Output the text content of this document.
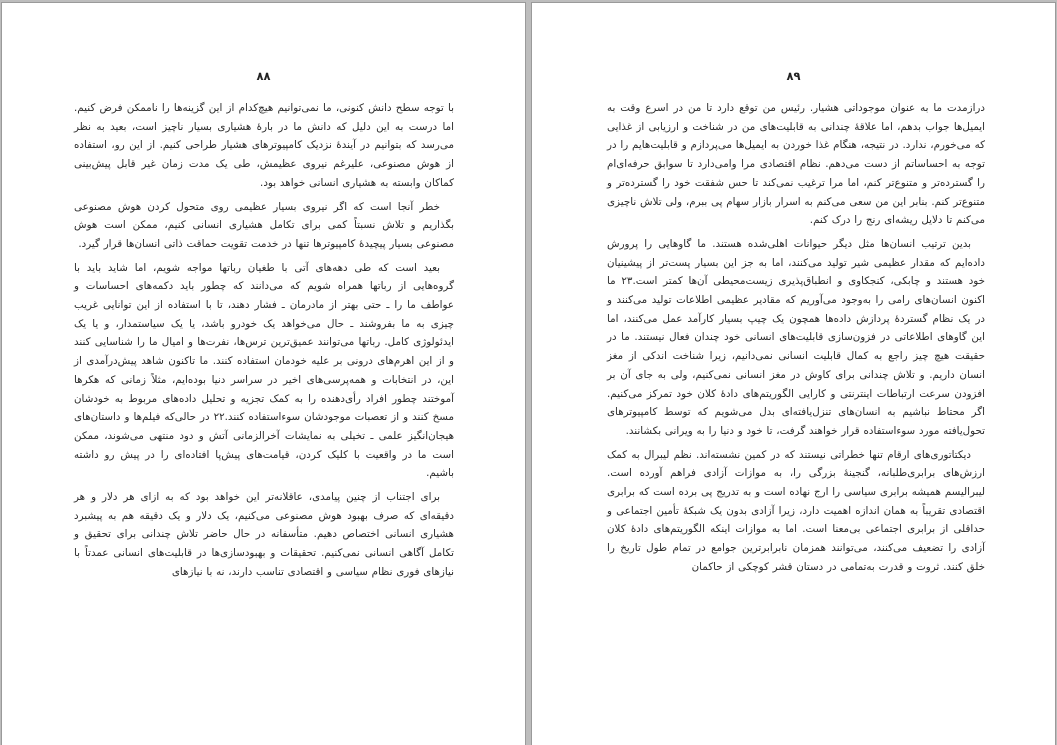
۸۸

با توجه سطح دانش کنونی، ما نمی‌توانیم هیچ‌کدام از این گزینه‌ها را ناممکن فرض کنیم. اما درست به این دلیل که دانش ما در بارهٔ هشیاری بسیار ناچیز است، بعید به نظر می‌رسد که بتوانیم در آیندهٔ نزدیک کامپیوترهای هشیار طراحی کنیم. از این رو، استفاده از هوش مصنوعی، علیرغم نیروی عظیمش، طی یک مدت زمان غیر قابل پیش‌بینی کماکان وابسته به هشیاری انسانی خواهد بود.

خطر آنجا است که اگر نیروی بسیار عظیمی روی متحول کردن هوش مصنوعی بگذاریم و تلاش نسبتاً کمی برای تکامل هشیاری انسانی کنیم، ممکن است هوش مصنوعی بسیار پیچیدهٔ کامپیوترها تنها در خدمت تقویت حماقت ذاتی انسان‌ها قرار گیرد.

بعید است که طی دهه‌های آتی با طغیان رباتها مواجه شویم، اما شاید باید با گروه‌هایی از رباتها همراه شویم که می‌دانند که چطور باید دکمه‌های احساسات و عواطف ما را ـ حتی بهتر از مادرمان ـ فشار دهند، تا با استفاده از این توانایی غریب چیزی به ما بفروشند ـ حال می‌خواهد یک خودرو باشد، یا یک سیاستمدار، و یا یک ایدئولوژی کامل. رباتها می‌توانند عمیق‌ترین ترس‌ها، نفرت‌ها و امیال ما را شناسایی کنند و از این اهرم‌های درونی بر علیه خودمان استفاده کنند. ما تاکنون شاهد پیش‌درآمدی از این، در انتخابات و همه‌پرسی‌های اخیر در سراسر دنیا بوده‌ایم، مثلاً زمانی که هکرها آموختند چطور افراد رأی‌دهنده را به کمک تجزیه و تحلیل داده‌های مربوط به خودشان مسخ کنند و از تعصبات موجودشان سوءاستفاده کنند.۲۲ در حالی‌که فیلم‌ها و داستان‌های هیجان‌انگیز علمی ـ تخیلی به نمایشات آخرالزمانی آتش و دود منتهی می‌شوند، ممکن است ما در واقعیت با کلیک کردن، قیامت‌های پیش‌پا افتاده‌ای را در پیش رو داشته باشیم.

برای اجتناب از چنین پیامدی، عاقلانه‌تر این خواهد بود که به ازای هر دلار و هر دقیقه‌ای که صرف بهبود هوش مصنوعی می‌کنیم، یک دلار و یک دقیقه هم به پیشبرد هشیاری انسانی اختصاص دهیم. متأسفانه در حال حاضر تلاش چندانی برای تحقیق و تکامل آگاهی انسانی نمی‌کنیم. تحقیقات و بهبودسازی‌ها در قابلیت‌های انسانی عمدتاً با نیازهای فوری نظام سیاسی و اقتصادی تناسب دارند، نه با نیازهای

۸۹

درازمدت ما به عنوان موجوداتی هشیار. رئیس من توقع دارد تا من در اسرع وقت به ایمیل‌ها جواب بدهم، اما علاقهٔ چندانی به قابلیت‌های من در شناخت و ارزیابی از غذایی که می‌خورم، ندارد. در نتیجه، هنگام غذا خوردن به ایمیل‌ها می‌پردازم و قابلیت‌هایم را در توجه به احساساتم از دست می‌دهم. نظام اقتصادی مرا وامی‌دارد تا سوابق حرفه‌ای‌ام را گسترده‌تر و متنوع‌تر کنم، اما مرا ترغیب نمی‌کند تا حس شفقت خود را گسترده‌تر و متنوع‌تر کنم. بنابر این من سعی می‌کنم به اسرار بازار سهام پی ببرم، ولی تلاش ناچیزی می‌کنم تا دلایل ریشه‌ای رنج را درک کنم.

بدین ترتیب انسان‌ها مثل دیگر حیوانات اهلی‌شده هستند. ما گاوهایی را پرورش داده‌ایم که مقدار عظیمی شیر تولید می‌کنند، اما به جز این بسیار پست‌تر از پیشینیان خود هستند و چابکی، کنجکاوی و انطباق‌پذیری زیست‌محیطی آن‌ها کمتر است.۲۳ ما اکنون انسان‌های رامی را به‌وجود می‌آوریم که مقادیر عظیمی اطلاعات تولید می‌کنند و در یک نظام گستردهٔ پردازش داده‌ها همچون یک چیپ بسیار کارآمد عمل می‌کنند، اما این گاوهای اطلاعاتی در فزون‌سازی قابلیت‌های انسانی خود چندان فعال نیستند. ما در حقیقت هیچ چیز راجع به کمال قابلیت انسانی نمی‌دانیم، زیرا شناخت اندکی از مغز انسان داریم. و تلاش چندانی برای کاوش در مغز انسانی نمی‌کنیم، ولی به جای آن بر افزودن سرعت ارتباطات اینترنتی و کارایی الگوریتم‌های دادهٔ کلان خود تمرکز می‌کنیم. اگر محتاط نباشیم به انسان‌های تنزل‌یافته‌ای بدل می‌شویم که توسط کامپیوترهای تحول‌یافته مورد سوءاستفاده قرار خواهند گرفت، تا خود و دنیا را به ویرانی بکشانند.

دیکتاتوری‌های ارقام تنها خطراتی نیستند که در کمین نشسته‌اند. نظم لیبرال به کمک ارزش‌های برابری‌طلبانه، گنجینهٔ بزرگی را، به موازات آزادی فراهم آورده است. لیبرالیسم همیشه برابری سیاسی را ارج نهاده است و به تدریج پی برده است که برابری اقتصادی تقریباً به همان اندازه اهمیت دارد، زیرا آزادی بدون یک شبکهٔ تأمین اجتماعی و حداقلی از برابری اجتماعی بی‌معنا است. اما به موازات اینکه الگوریتم‌های دادهٔ کلان آزادی را تضعیف می‌کنند، می‌توانند همزمان نابرابرترین جوامع در تمام طول تاریخ را خلق کنند. ثروت و قدرت به‌تمامی در دستان قشر کوچکی از حاکمان
